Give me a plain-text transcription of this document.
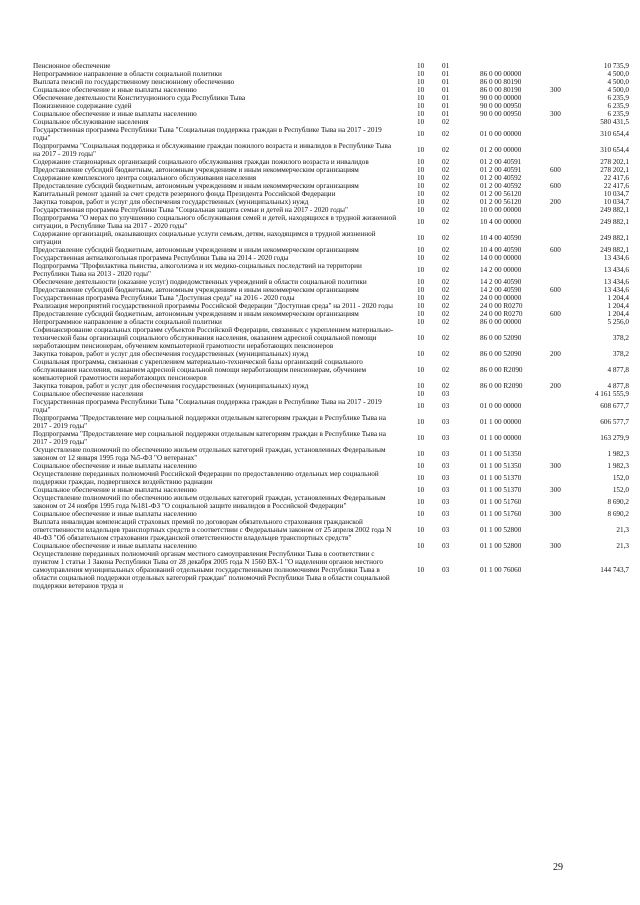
Пенсионное обеспечение	10 01	10 735,9
Непрограммное направление в области социальной политики	10 01	86 0 00 00000	4 500,0
Выплата пенсий по государственному пенсионному обеспечению	10 01	86 0 00 80190	4 500,0
Социальное обеспечение и иные выплаты населению	10 01	86 0 00 80190	300	4 500,0
Обеспечение деятельности Конституционного суда Республики Тыва	10 01	90 0 00 00000	6 235,9
Пожизненное содержание судей	10 01	90 0 00 00950	6 235,9
Социальное обеспечение и иные выплаты населению	10 01	90 0 00 00950	300	6 235,9
Социальное обслуживание населения	10 02	580 431,5
Государственная программа Республики Тыва "Социальная поддержка граждан в Республике Тыва на 2017 - 2019 годы"	10 02	01 0 00 00000	310 654,4
Подпрограмма "Социальная поддержка и обслуживание граждан пожилого возраста и инвалидов в Республике Тыва на 2017 - 2019 годы"	10 02	01 2 00 00000	310 654,4
Содержание стационарных организаций социального обслуживания граждан пожилого возраста и инвалидов	10 02	01 2 00 40591	278 202,1
Предоставление субсидий бюджетным, автономным учреждениям и иным некоммерческим организациям	10 02	01 2 00 40591	600	278 202,1
Содержание комплексного центра социального обслуживания населения	10 02	01 2 00 40592	22 417,6
Предоставление субсидий бюджетным, автономным учреждениям и иным некоммерческим организациям	10 02	01 2 00 40592	600	22 417,6
Капитальный ремонт зданий за счет средств резервного фонда Президента Российской Федерации	10 02	01 2 00 56120	10 034,7
Закупка товаров, работ и услуг для обеспечения государственных (муниципальных) нужд	10 02	01 2 00 56120	200	10 034,7
Государственная программа Республики Тыва "Социальная защита семьи и детей на 2017 - 2020 годы"	10 02	10 0 00 00000	249 882,1
Подпрограмма "О мерах по улучшению социального обслуживания семей и детей, находящихся в трудной жизненной ситуации, в Республике Тыва на 2017 - 2020 годы"	10 02	10 4 00 00000	249 882,1
Содержание организаций, оказывающих социальные услуги семьям, детям, находящимся в трудной жизненной ситуации	10 02	10 4 00 40590	249 882,1
Предоставление субсидий бюджетным, автономным учреждениям и иным некоммерческим организациям	10 02	10 4 00 40590	600	249 882,1
Государственная антиалкогольная программа Республики Тыва на 2014 - 2020 годы	10 02	14 0 00 00000	13 434,6
Подпрограмма "Профилактика пьянства, алкоголизма и их медико-социальных последствий на территории Республики Тыва на 2013 - 2020 годы"	10 02	14 2 00 00000	13 434,6
Обеспечение деятельности (оказание услуг) подведомственных учреждений в области социальной политики	10 02	14 2 00 40590	13 434,6
Предоставление субсидий бюджетным, автономным учреждениям и иным некоммерческим организациям	10 02	14 2 00 40590	600	13 434,6
Государственная программа Республики Тыва "Доступная среда" на 2016 - 2020 годы	10 02	24 0 00 00000	1 204,4
Реализация мероприятий государственной программы Российской Федерации "Доступная среда" на 2011 - 2020 годы	10 02	24 0 00 R0270	1 204,4
Предоставление субсидий бюджетным, автономным учреждениям и иным некоммерческим организациям	10 02	24 0 00 R0270	600	1 204,4
Непрограммное направление в области социальной политики	10 02	86 0 00 00000	5 256,0
Софинансирование социальных программ субъектов Российской Федерации, связанных с укреплением материально-технической базы организаций социального обслуживания населения, оказанием адресной социальной помощи неработающим пенсионерам, обучением компьютерной грамотности неработающих пенсионеров
10 02	86 0 00 52090	378,2
Закупка товаров, работ и услуг для обеспечения государственных (муниципальных) нужд	10 02	86 0 00 52090	200	378,2
Социальная программа, связанная с укреплением материально-технической базы организаций социального обслуживания населения, оказанием адресной социальной помощи неработающим пенсионерам, обучением компьютерной грамотности неработающих пенсионеров
10 02	86 0 00 R2090	4 877,8
Закупка товаров, работ и услуг для обеспечения государственных (муниципальных) нужд	10 02	86 0 00 R2090	200	4 877,8
Социальное обеспечение населения	10 03	4 161 555,9
Государственная программа Республики Тыва "Социальная поддержка граждан в Республике Тыва на 2017 - 2019 годы"	10 03	01 0 00 00000	608 677,7
Подпрограмма "Предоставление мер социальной поддержки отдельным категориям граждан в Республике Тыва на 2017 - 2019 годы"	10 03	01 1 00 00000	606 577,7
Подпрограмма "Предоставление мер социальной поддержки отдельным категориям граждан в Республике Тыва на 2017 - 2019 годы"	10 03	01 1 00 00000	163 279,9
Осуществление полномочий по обеспечению жильем отдельных категорий граждан, установленных Федеральным законом от 12 января 1995 года №5-ФЗ "О ветеранах"	10 03	01 1 00 51350	1 982,3
Социальное обеспечение и иные выплаты населению	10 03	01 1 00 51350	300	1 982,3
Осуществление переданных полномочий Российской Федерации по предоставлению отдельных мер социальной поддержки граждан, подвергшихся воздействию радиации	10 03	01 1 00 51370	152,0
Социальное обеспечение и иные выплаты населению	10 03	01 1 00 51370	300	152,0
Осуществление полномочий по обеспечению жильем отдельных категорий граждан, установленных Федеральным законом от 24 ноября 1995 года №181-ФЗ "О социальной защите инвалидов в Российской Федерации"	10 03	01 1 00 51760	8 690,2
Социальное обеспечение и иные выплаты населению	10 03	01 1 00 51760	300	8 690,2
Выплата инвалидам компенсаций страховых премий по договорам обязательного страхования гражданской ответственности владельцев транспортных средств в соответствии с Федеральным законом от 25 апреля 2002 года N 40-ФЗ "Об обязательном страховании гражданской ответственности владельцев транспортных средств"
10 03	01 1 00 52800	21,3
Социальное обеспечение и иные выплаты населению	10 03	01 1 00 52800	300	21,3
Осуществление переданных полномочий органам местного самоуправления Республики Тыва в соответствии с пунктом 1 статьи 1 Закона Республики Тыва от 28 декабря 2005 года N 1560 ВХ-1 "О наделении органов местного самоуправления муниципальных образований отдельными государственными полномочиями Республики Тыва в области социальной поддержки отдельных категорий граждан" полномочий Республики Тыва в области социальной поддержки ветеранов труда и
10 03	01 1 00 76060	144 743,7
29
